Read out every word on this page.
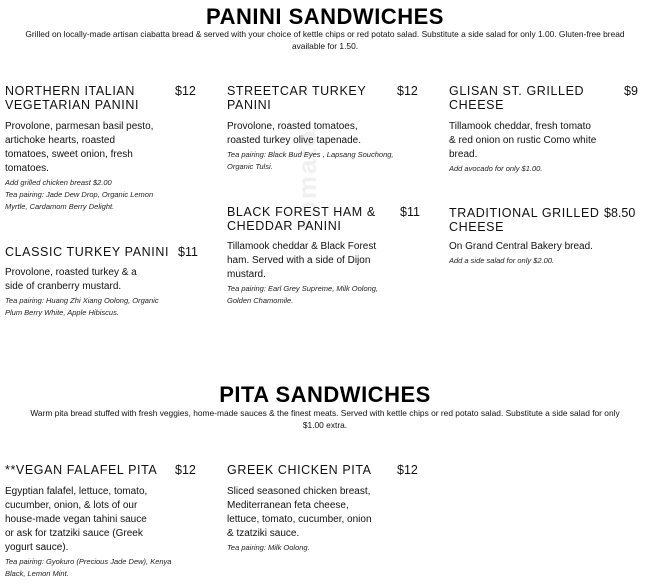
zomato
PANINI SANDWICHES
Grilled on locally-made artisan ciabatta bread & served with your choice of kettle chips or red potato salad. Substitute a side salad for only 1.00. Gluten-free bread
available for 1.50.
NORTHERN ITALIAN
VEGETARIAN PANINI
$12
Provolone, parmesan basil pesto,
artichoke hearts, roasted
tomatoes, sweet onion, fresh
tomatoes.
Add grilled chicken breast $2.00
Tea pairing: Jade Dew Drop, Organic Lemon
Myrtle, Cardamom Berry Delight.
STREETCAR TURKEY
PANINI
$12
Provolone, roasted tomatoes,
roasted turkey olive tapenade.
Tea pairing: Black Bud Eyes , Lapsang Souchong,
Organic Tulsi.
GLISAN ST. GRILLED
CHEESE
$9
Tillamook cheddar, fresh tomato
& red onion on rustic Como white
bread.
Add avocado for only $1.00.
CLASSIC TURKEY PANINI $11
Provolone, roasted turkey & a
side of cranberry mustard.
Tea pairing: Huang Zhi Xiang Oolong, Organic
Plum Berry White, Apple Hibiscus.
BLACK FOREST HAM &
CHEDDAR PANINI
$11
Tillamook cheddar & Black Forest
ham. Served with a side of Dijon
mustard.
Tea pairing: Earl Grey Supreme, Milk Oolong,
Golden Chamomile.
TRADITIONAL GRILLED
CHEESE
$8.50
On Grand Central Bakery bread.
Add a side salad for only $2.00.
PITA SANDWICHES
Warm pita bread stuffed with fresh veggies, home-made sauces & the finest meats. Served with kettle chips or red potato salad. Substitute a side salad for only
$1.00 extra.
**VEGAN FALAFEL PITA $12
Egyptian falafel, lettuce, tomato,
cucumber, onion, & lots of our
house-made vegan tahini sauce
or ask for tzatziki sauce (Greek
yogurt sauce).
Tea pairing: Gyokuro (Precious Jade Dew), Kenya
Black, Lemon Mint.
GREEK CHICKEN PITA $12
Sliced seasoned chicken breast,
Mediterranean feta cheese,
lettuce, tomato, cucumber, onion
& tzatziki sauce.
Tea pairing: Milk Oolong.
